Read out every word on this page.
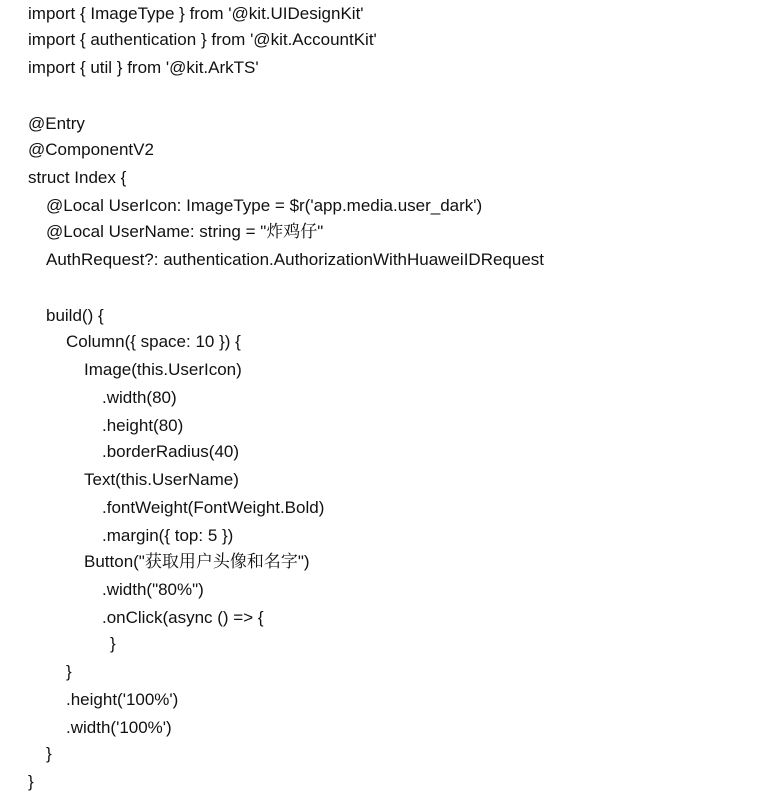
import { ImageType } from '@kit.UIDesignKit'
import { authentication } from '@kit.AccountKit'
import { util } from '@kit.ArkTS'
@Entry
@ComponentV2
struct Index {
@Local UserIcon: ImageType = $r('app.media.user_dark')
@Local UserName: string = "炸鸡仔"
AuthRequest?: authentication.AuthorizationWithHuaweiIDRequest
build() {
Column({ space: 10 }) {
Image(this.UserIcon)
.width(80)
.height(80)
.borderRadius(40)
Text(this.UserName)
.fontWeight(FontWeight.Bold)
.margin({ top: 5 })
Button("获取用户头像和名字")
.width("80%")
.onClick(async () => {
}
}
.height('100%')
.width('100%')
}
}
